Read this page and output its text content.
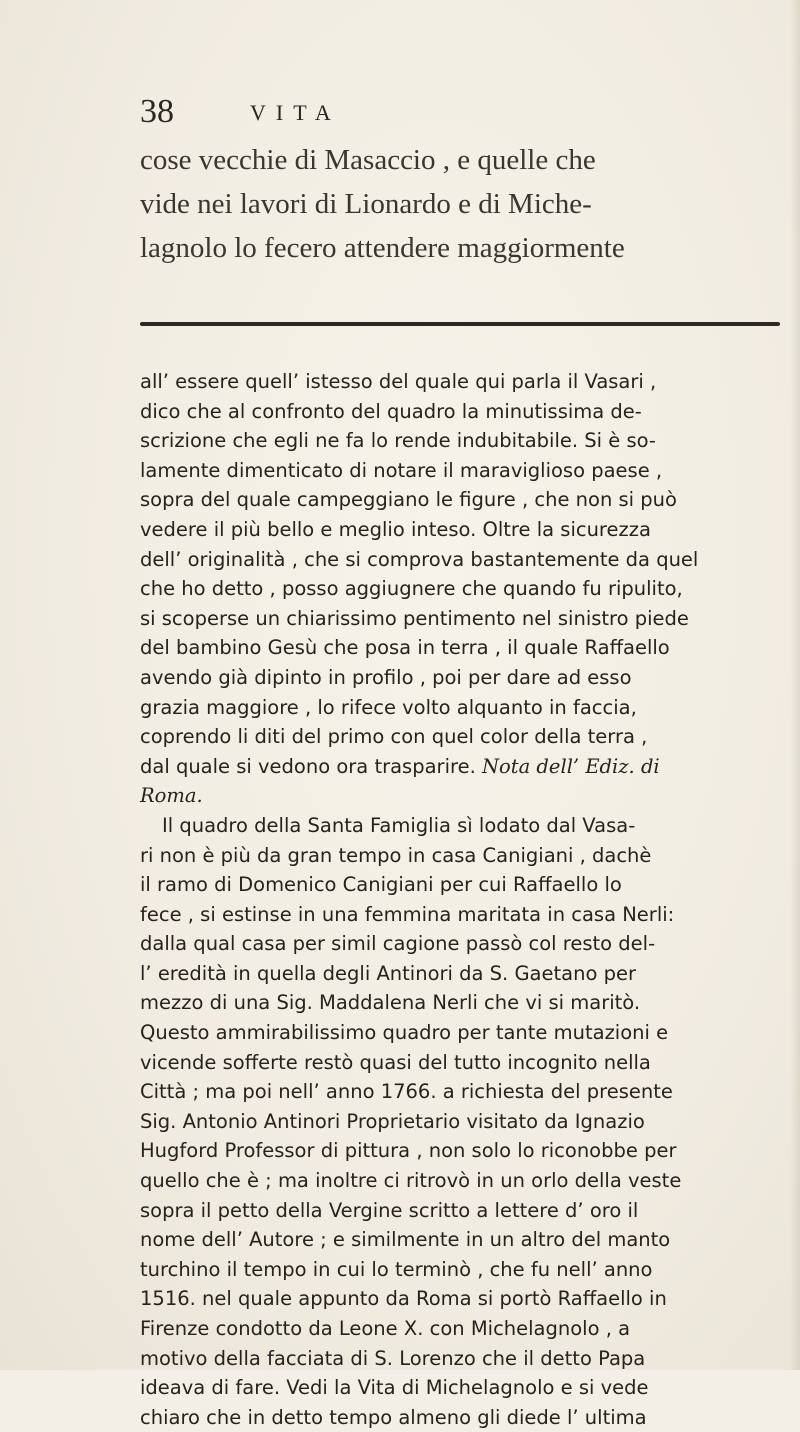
38	VITA
cose vecchie di Masaccio , e quelle che
vide nei lavori di Lionardo e di Miche-
lagnolo lo fecero attendere maggiormente
all’ essere quell’ istesso del quale qui parla il Vasari ,
dico che al confronto del quadro la minutissima de-
scrizione che egli ne fa lo rende indubitabile. Si è so-
lamente dimenticato di notare il maraviglioso paese ,
sopra del quale campeggiano le figure , che non si può
vedere il più bello e meglio inteso. Oltre la sicurezza
dell’ originalità , che si comprova bastantemente da quel
che ho detto , posso aggiugnere che quando fu ripulito,
si scoperse un chiarissimo pentimento nel sinistro piede
del bambino Gesù che posa in terra , il quale Raffaello
avendo già dipinto in profilo , poi per dare ad esso
grazia maggiore , lo rifece volto alquanto in faccia,
coprendo li diti del primo con quel color della terra ,
dal quale si vedono ora trasparire. Nota dell’ Ediz. di
Roma.
Il quadro della Santa Famiglia sì lodato dal Vasa-
ri non è più da gran tempo in casa Canigiani , dachè
il ramo di Domenico Canigiani per cui Raffaello lo
fece , si estinse in una femmina maritata in casa Nerli:
dalla qual casa per simil cagione passò col resto del-
l’ eredità in quella degli Antinori da S. Gaetano per
mezzo di una Sig. Maddalena Nerli che vi si maritò.
Questo ammirabilissimo quadro per tante mutazioni e
vicende sofferte restò quasi del tutto incognito nella
Città ; ma poi nell’ anno 1766. a richiesta del presente
Sig. Antonio Antinori Proprietario visitato da Ignazio
Hugford Professor di pittura , non solo lo riconobbe per
quello che è ; ma inoltre ci ritrovò in un orlo della veste
sopra il petto della Vergine scritto a lettere d’ oro il
nome dell’ Autore ; e similmente in un altro del manto
turchino il tempo in cui lo terminò , che fu nell’ anno
1516. nel quale appunto da Roma si portò Raffaello in
Firenze condotto da Leone X. con Michelagnolo , a
motivo della facciata di S. Lorenzo che il detto Papa
ideava di fare. Vedi la Vita di Michelagnolo e si vede
chiaro che in detto tempo almeno gli diede l’ ultima
